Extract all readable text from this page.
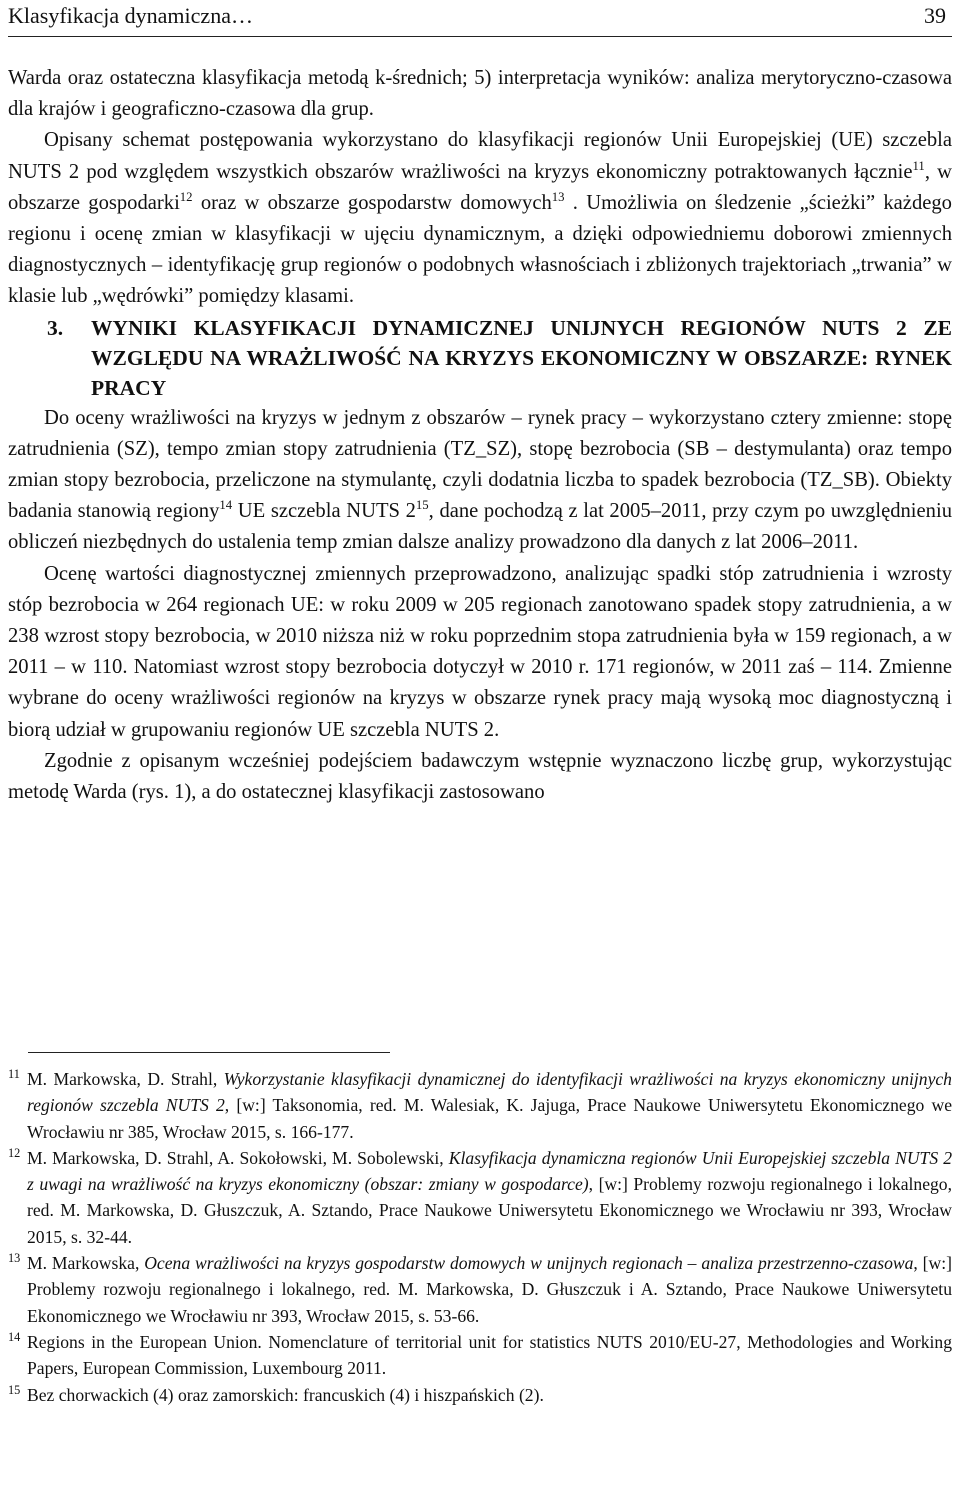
Klasyfikacja dynamiczna…	39

Warda oraz ostateczna klasyfikacja metodą k-średnich; 5) interpretacja wyników: analiza merytoryczno-czasowa dla krajów i geograficzno-czasowa dla grup.

Opisany schemat postępowania wykorzystano do klasyfikacji regionów Unii Europejskiej (UE) szczebla NUTS 2 pod względem wszystkich obszarów wrażliwości na kryzys ekonomiczny potraktowanych łącznie$^{11}$, w obszarze gospodarki$^{12}$ oraz w obszarze gospodarstw domowych$^{13}$ . Umożliwia on śledzenie „ścieżki” każdego regionu i ocenę zmian w klasyfikacji w ujęciu dynamicznym, a dzięki odpowiedniemu doborowi zmiennych diagnostycznych – identyfikację grup regionów o podobnych własnościach i zbliżonych trajektoriach „trwania” w klasie lub „wędrówki” pomiędzy klasami.

3. WYNIKI KLASYFIKACJI DYNAMICZNEJ UNIJNYCH REGIONÓW NUTS 2 ZE WZGLĘDU NA WRAŻLIWOŚĆ NA KRYZYS EKONOMICZNY W OBSZARZE: RYNEK PRACY

Do oceny wrażliwości na kryzys w jednym z obszarów – rynek pracy – wykorzystano cztery zmienne: stopę zatrudnienia (SZ), tempo zmian stopy zatrudnienia (TZ_SZ), stopę bezrobocia (SB – destymulanta) oraz tempo zmian stopy bezrobocia, przeliczone na stymulantę, czyli dodatnia liczba to spadek bezrobocia (TZ_SB). Obiekty badania stanowią regiony$^{14}$ UE szczebla NUTS $2^{15}$, dane pochodzą z lat 2005–2011, przy czym po uwzględnieniu obliczeń niezbędnych do ustalenia temp zmian dalsze analizy prowadzono dla danych z lat 2006–2011.

Ocenę wartości diagnostycznej zmiennych przeprowadzono, analizując spadki stóp zatrudnienia i wzrosty stóp bezrobocia w 264 regionach UE: w roku 2009 w 205 regionach zanotowano spadek stopy zatrudnienia, a w 238 wzrost stopy bezrobocia, w 2010 niższa niż w roku poprzednim stopa zatrudnienia była w 159 regionach, a w 2011 – w 110. Natomiast wzrost stopy bezrobocia dotyczył w 2010 r. 171 regionów, w 2011 zaś – 114. Zmienne wybrane do oceny wrażliwości regionów na kryzys w obszarze rynek pracy mają wysoką moc diagnostyczną i biorą udział w grupowaniu regionów UE szczebla NUTS 2.

Zgodnie z opisanym wcześniej podejściem badawczym wstępnie wyznaczono liczbę grup, wykorzystując metodę Warda (rys. 1), a do ostatecznej klasyfikacji zastosowano

11 M. Markowska, D. Strahl, Wykorzystanie klasyfikacji dynamicznej do identyfikacji wrażliwości na kryzys ekonomiczny unijnych regionów szczebla NUTS 2, [w:] Taksonomia, red. M. Walesiak, K. Jajuga, Prace Naukowe Uniwersytetu Ekonomicznego we Wrocławiu nr 385, Wrocław 2015, s. 166-177.

12 M. Markowska, D. Strahl, A. Sokołowski, M. Sobolewski, Klasyfikacja dynamiczna regionów Unii Europejskiej szczebla NUTS 2 z uwagi na wrażliwość na kryzys ekonomiczny (obszar: zmiany w gospodarce), [w:] Problemy rozwoju regionalnego i lokalnego, red. M. Markowska, D. Głuszczuk, A. Sztando, Prace Naukowe Uniwersytetu Ekonomicznego we Wrocławiu nr 393, Wrocław 2015, s. 32-44.

13 M. Markowska, Ocena wrażliwości na kryzys gospodarstw domowych w unijnych regionach – analiza przestrzenno-czasowa, [w:] Problemy rozwoju regionalnego i lokalnego, red. M. Markowska, D. Głuszczuk i A. Sztando, Prace Naukowe Uniwersytetu Ekonomicznego we Wrocławiu nr 393, Wrocław 2015, s. 53-66.

14 Regions in the European Union. Nomenclature of territorial unit for statistics NUTS 2010/EU-27, Methodologies and Working Papers, European Commission, Luxembourg 2011.

15 Bez chorwackich (4) oraz zamorskich: francuskich (4) i hiszpańskich (2).
